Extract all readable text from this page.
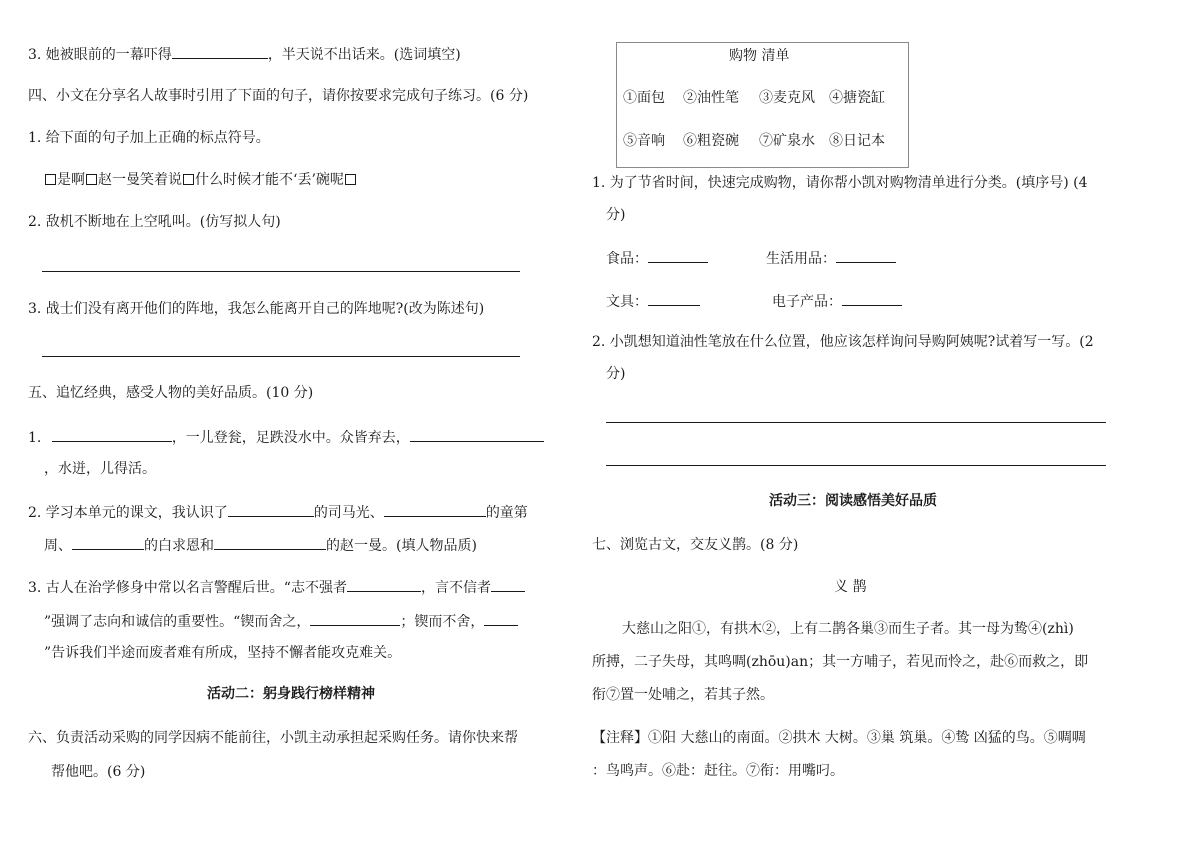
3. 她被眼前的一幕吓得	，半天说不出话来。(选词填空)
四、小文在分享名人故事时引用了下面的句子，请你按要求完成句子练习。(6 分)
1. 给下面的句子加上正确的标点符号。
是啊 赵一曼笑着说 什么时候才能不‘丢’碗呢
2. 敌机不断地在上空吼叫。(仿写拟人句)
3. 战士们没有离开他们的阵地，我怎么能离开自己的阵地呢?(改为陈述句)
五、追忆经典，感受人物的美好品质。(10 分)
1.	，一儿登瓮，足跌没水中。众皆弃去，
，水迸，儿得活。
2. 学习本单元的课文，我认识了	的司马光、	的童第
周、	的白求恩和	的赵一曼。(填人物品质)
3. 古人在治学修身中常以名言警醒后世。“志不强者	，言不信者
”强调了志向和诚信的重要性。“锲而舍之，	；锲而不舍，
”告诉我们半途而废者难有所成，坚持不懈者能攻克难关。
活动二：躬身践行榜样精神
六、负责活动采购的同学因病不能前往，小凯主动承担起采购任务。请你快来帮
帮他吧。(6 分)
购物 清单
①面包 ②油性笔 ③麦克风 ④搪瓷缸
⑤音响 ⑥粗瓷碗 ⑦矿泉水 ⑧日记本
1. 为了节省时间，快速完成购物，请你帮小凯对购物清单进行分类。(填序号) (4
分)
食品：	生活用品：
文具：	电子产品：
2. 小凯想知道油性笔放在什么位置，他应该怎样询问导购阿姨呢?试着写一写。(2
分)
活动三：阅读感悟美好品质
七、浏览古文，交友义鹊。(8 分)
义 鹊
大慈山之阳①，有拱木②，上有二鹊各巢③而生子者。其一母为鸷④(zhì)
所搏，二子失母，其鸣啁(zhōu)an；其一方哺子，若见而怜之，赴⑥而救之，即
衔⑦置一处哺之，若其子然。
【注释】①阳 大慈山的南面。②拱木 大树。③巢 筑巢。④鸷 凶猛的鸟。⑤啁啁
：鸟鸣声。⑥赴：赶往。⑦衔：用嘴叼。
